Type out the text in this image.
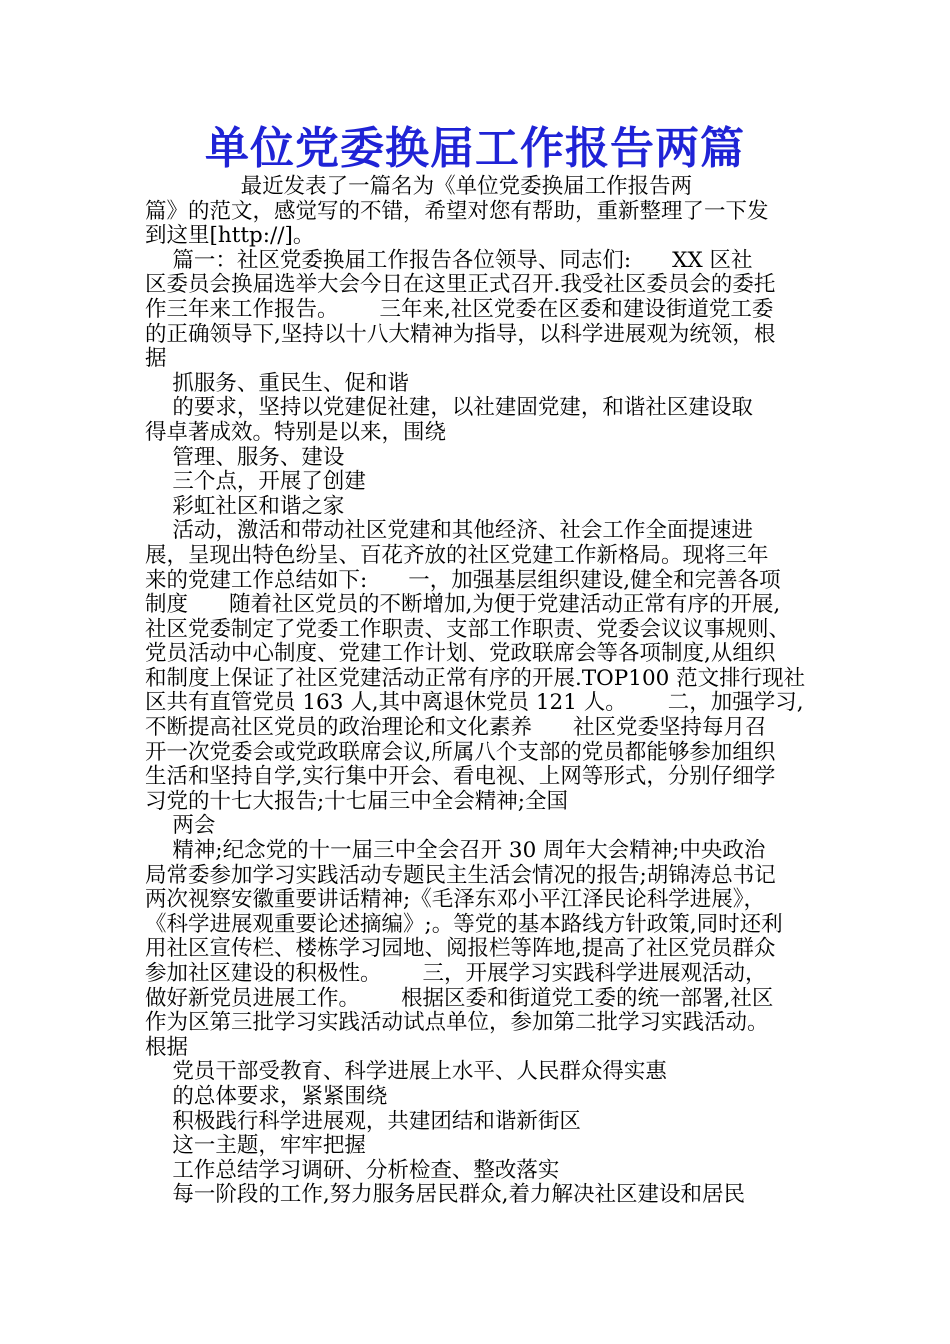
单位党委换届工作报告两篇
最近发表了一篇名为《单位党委换届工作报告两
篇》的范文，感觉写的不错，希望对您有帮助，重新整理了一下发
到这里[http://]。
篇一：社区党委换届工作报告各位领导、同志们:      XX 区社
区委员会换届选举大会今日在这里正式召开.我受社区委员会的委托
作三年来工作报告。      三年来,社区党委在区委和建设街道党工委
的正确领导下,坚持以十八大精神为指导，以科学进展观为统领，根
据
抓服务、重民生、促和谐
的要求，坚持以党建促社建，以社建固党建，和谐社区建设取
得卓著成效。特别是以来，围绕
管理、服务、建设
三个点，开展了创建
彩虹社区和谐之家
活动，激活和带动社区党建和其他经济、社会工作全面提速进
展，呈现出特色纷呈、百花齐放的社区党建工作新格局。现将三年
来的党建工作总结如下:      一，加强基层组织建设,健全和完善各项
制度      随着社区党员的不断增加,为便于党建活动正常有序的开展,
社区党委制定了党委工作职责、支部工作职责、党委会议议事规则、
党员活动中心制度、党建工作计划、党政联席会等各项制度,从组织
和制度上保证了社区党建活动正常有序的开展.TOP100 范文排行现社
区共有直管党员 163 人,其中离退休党员 121 人。      二，加强学习,
不断提高社区党员的政治理论和文化素养      社区党委坚持每月召
开一次党委会或党政联席会议,所属八个支部的党员都能够参加组织
生活和坚持自学,实行集中开会、看电视、上网等形式，分别仔细学
习党的十七大报告;十七届三中全会精神;全国
两会
精神;纪念党的十一届三中全会召开 30 周年大会精神;中央政治
局常委参加学习实践活动专题民主生活会情况的报告;胡锦涛总书记
两次视察安徽重要讲话精神;《毛泽东邓小平江泽民论科学进展》，
《科学进展观重要论述摘编》;。等党的基本路线方针政策,同时还利
用社区宣传栏、楼栋学习园地、阅报栏等阵地,提高了社区党员群众
参加社区建设的积极性。      三，开展学习实践科学进展观活动，
做好新党员进展工作。      根据区委和街道党工委的统一部署,社区
作为区第三批学习实践活动试点单位，参加第二批学习实践活动。
根据
党员干部受教育、科学进展上水平、人民群众得实惠
的总体要求，紧紧围绕
积极践行科学进展观，共建团结和谐新街区
这一主题，牢牢把握
工作总结学习调研、分析检查、整改落实
每一阶段的工作,努力服务居民群众,着力解决社区建设和居民
